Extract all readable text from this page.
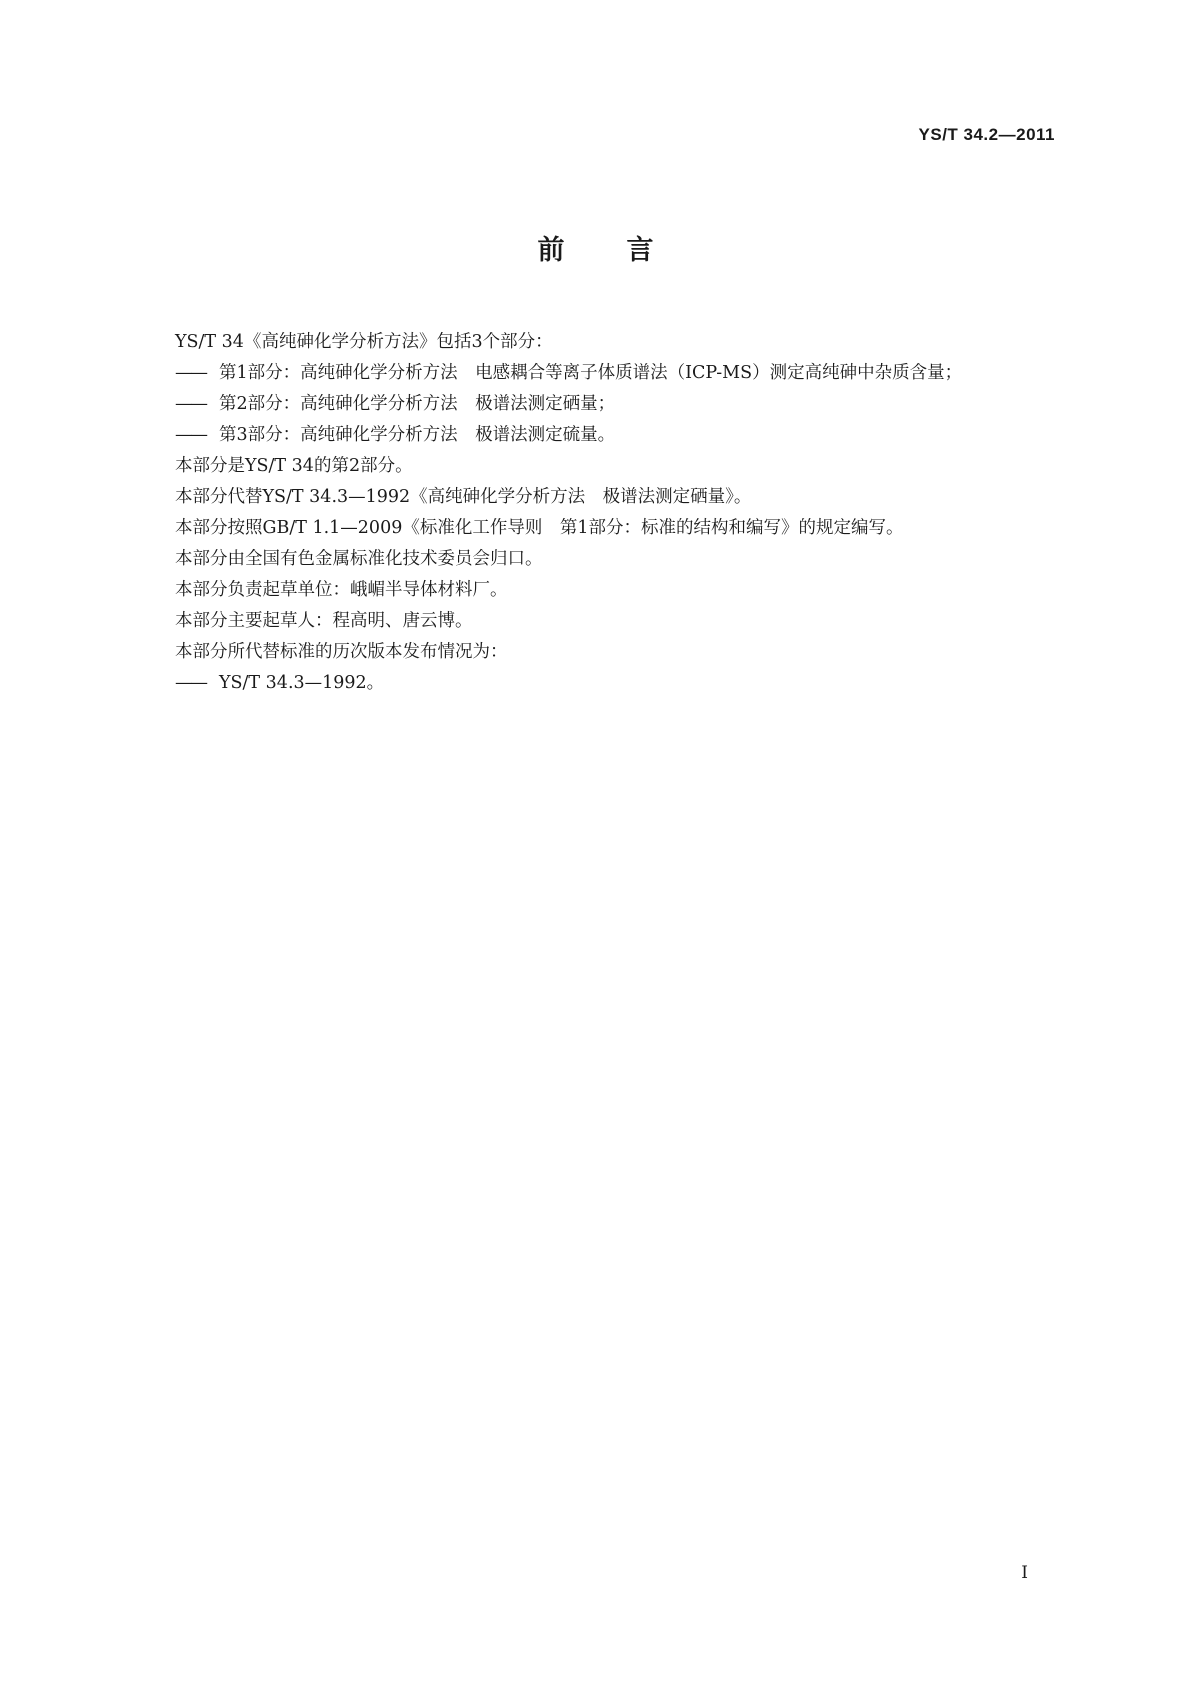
YS/T 34.2—2011
前言

YS/T 34《高纯砷化学分析方法》包括3个部分：

—— 第1部分：高纯砷化学分析方法　电感耦合等离子体质谱法（ICP-MS）测定高纯砷中杂质含量；

—— 第2部分：高纯砷化学分析方法　极谱法测定硒量；

—— 第3部分：高纯砷化学分析方法　极谱法测定硫量。

本部分是YS/T 34的第2部分。

本部分代替YS/T 34.3—1992《高纯砷化学分析方法　极谱法测定硒量》。

本部分按照GB/T 1.1—2009《标准化工作导则　第1部分：标准的结构和编写》的规定编写。

本部分由全国有色金属标准化技术委员会归口。

本部分负责起草单位：峨嵋半导体材料厂。

本部分主要起草人：程高明、唐云博。

本部分所代替标准的历次版本发布情况为：

—— YS/T 34.3—1992。

I
